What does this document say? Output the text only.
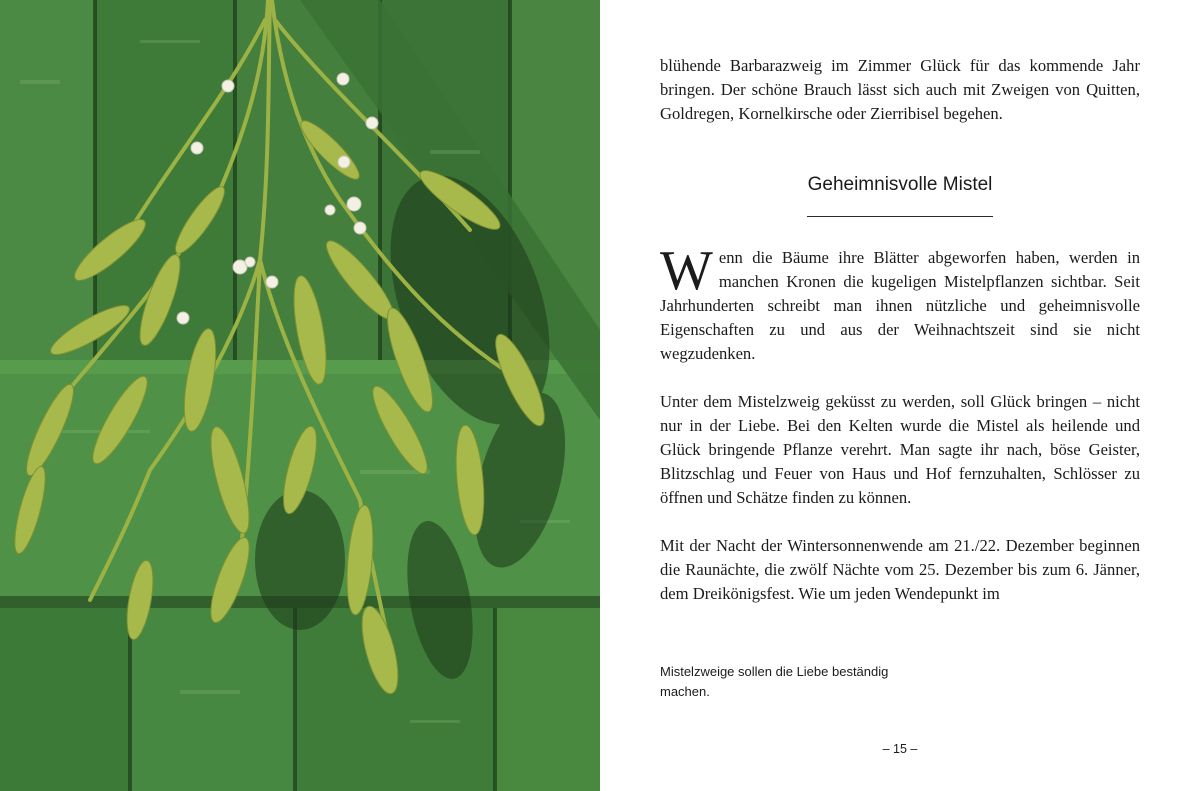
blühende Barbarazweig im Zimmer Glück für das kommende Jahr bringen. Der schöne Brauch lässt sich auch mit Zweigen von Quitten, Goldregen, Kornelkirsche oder Zierribisel begehen.

Geheimnisvolle Mistel

Wenn die Bäume ihre Blätter abgeworfen haben, werden in manchen Kronen die kugeligen Mistelpflanzen sichtbar. Seit Jahrhunderten schreibt man ihnen nützliche und geheimnisvolle Eigenschaften zu und aus der Weihnachtszeit sind sie nicht wegzudenken.

Unter dem Mistelzweig geküsst zu werden, soll Glück bringen – nicht nur in der Liebe. Bei den Kelten wurde die Mistel als heilende und Glück bringende Pflanze verehrt. Man sagte ihr nach, böse Geister, Blitzschlag und Feuer von Haus und Hof fernzuhalten, Schlösser zu öffnen und Schätze finden zu können.

Mit der Nacht der Wintersonnenwende am 21./22. Dezember beginnen die Raunächte, die zwölf Nächte vom 25. Dezember bis zum 6. Jänner, dem Dreikönigsfest. Wie um jeden Wendepunkt im

Mistelzweige sollen die Liebe beständig machen.

– 15 –
